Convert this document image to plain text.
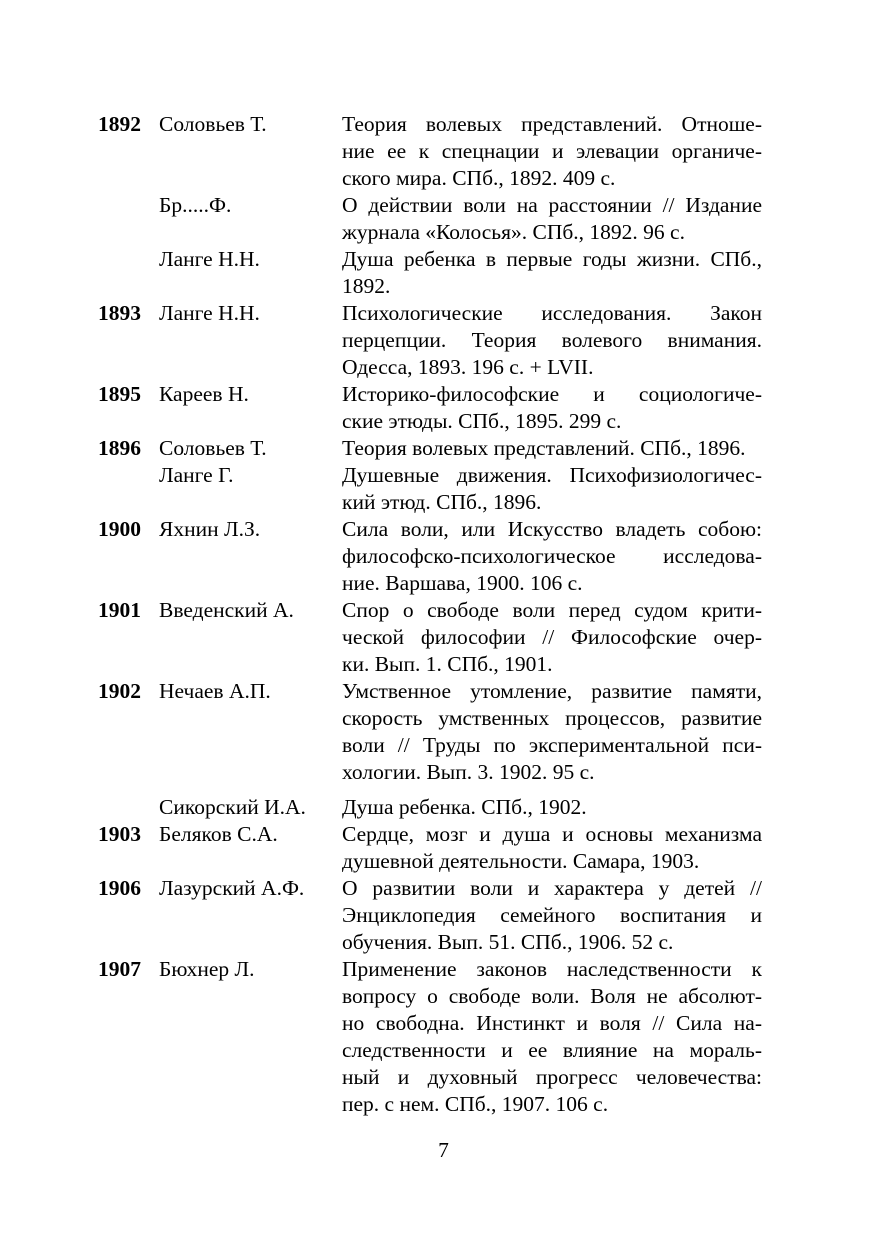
1892 Соловьев Т.	Теория волевых представлений. Отноше-
ние ее к спецнации и элевации органиче-
ского мира. СПб., 1892. 409 с.
Бр.....Ф.	О действии воли на расстоянии // Издание
журнала «Колосья». СПб., 1892. 96 с.
Ланге Н.Н.	Душа ребенка в первые годы жизни. СПб.,
1892.
1893 Ланге Н.Н.	Психологические исследования. Закон
перцепции. Теория волевого внимания.
Одесса, 1893. 196 с. + LVII.
1895 Кареев Н.	Историко-философские и социологиче-
ские этюды. СПб., 1895. 299 с.
1896 Соловьев Т.	Теория волевых представлений. СПб., 1896.
Ланге Г.	Душевные движения. Психофизиологичес-
кий этюд. СПб., 1896.
1900 Яхнин Л.З.	Сила воли, или Искусство владеть собою:
философско-психологическое исследова-
ние. Варшава, 1900. 106 с.
1901 Введенский А.	Спор о свободе воли перед судом крити-
ческой философии // Философские очер-
ки. Вып. 1. СПб., 1901.
1902 Нечаев А.П.	Умственное утомление, развитие памяти,
скорость умственных процессов, развитие
воли // Труды по экспериментальной пси-
хологии. Вып. 3. 1902. 95 с.
Сикорский И.А.	Душа ребенка. СПб., 1902.
1903 Беляков С.А.	Сердце, мозг и душа и основы механизма
душевной деятельности. Самара, 1903.
1906 Лазурский А.Ф.	О развитии воли и характера у детей //
Энциклопедия семейного воспитания и
обучения. Вып. 51. СПб., 1906. 52 с.
1907 Бюхнер Л.	Применение законов наследственности к
вопросу о свободе воли. Воля не абсолют-
но свободна. Инстинкт и воля // Сила на-
следственности и ее влияние на мораль-
ный и духовный прогресс человечества:
пер. с нем. СПб., 1907. 106 с.
7
